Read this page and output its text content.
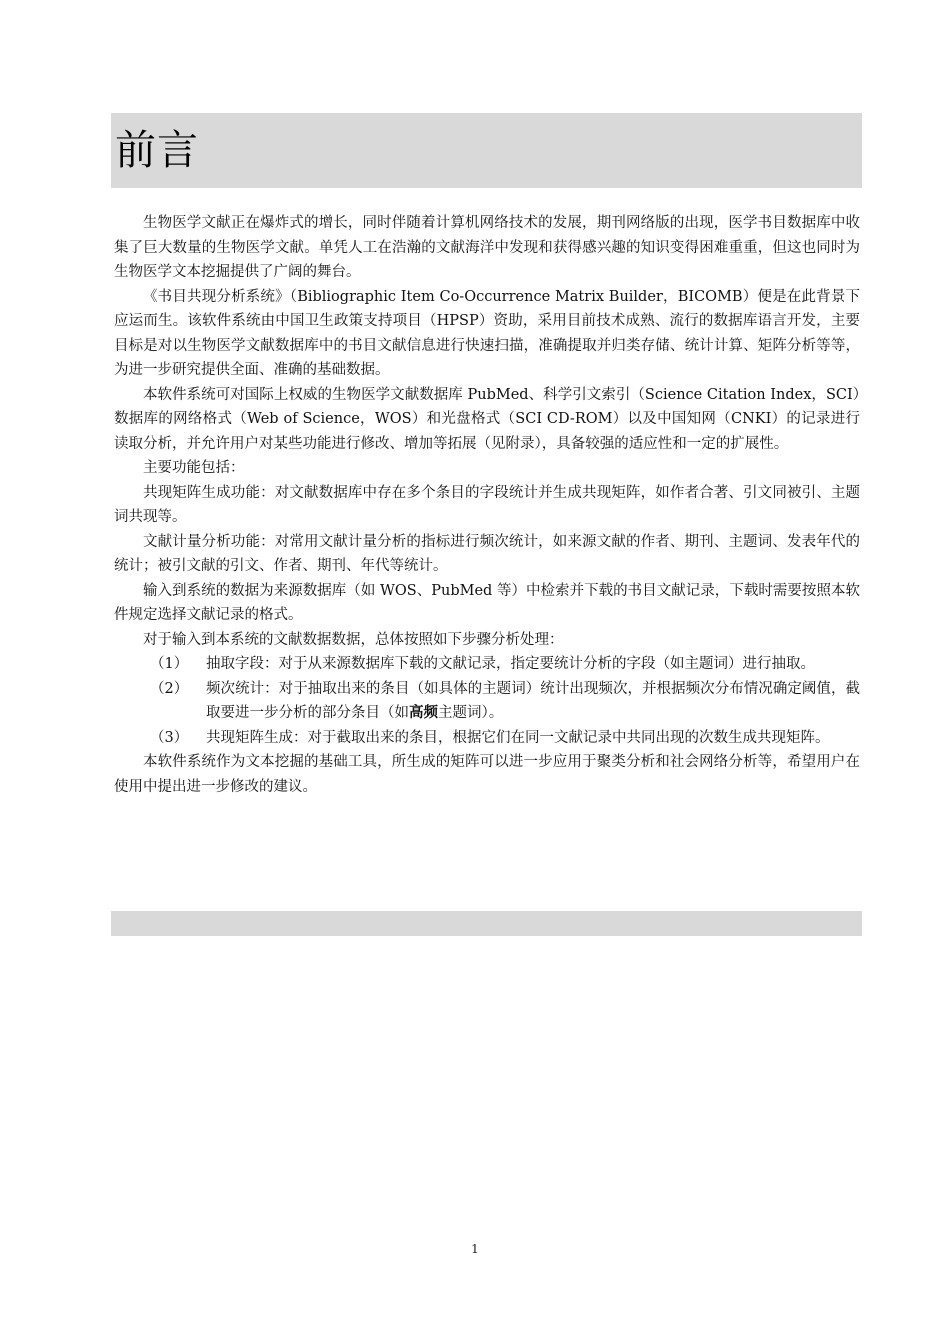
前言

生物医学文献正在爆炸式的增长，同时伴随着计算机网络技术的发展，期刊网络版的出现，医学书目数据库中收集了巨大数量的生物医学文献。单凭人工在浩瀚的文献海洋中发现和获得感兴趣的知识变得困难重重，但这也同时为生物医学文本挖掘提供了广阔的舞台。

《书目共现分析系统》（Bibliographic Item Co-Occurrence Matrix Builder，BICOMB）便是在此背景下应运而生。该软件系统由中国卫生政策支持项目（HPSP）资助，采用目前技术成熟、流行的数据库语言开发，主要目标是对以生物医学文献数据库中的书目文献信息进行快速扫描，准确提取并归类存储、统计计算、矩阵分析等等，为进一步研究提供全面、准确的基础数据。

本软件系统可对国际上权威的生物医学文献数据库 PubMed、科学引文索引（Science Citation Index，SCI）数据库的网络格式（Web of Science，WOS）和光盘格式（SCI CD-ROM）以及中国知网（CNKI）的记录进行读取分析，并允许用户对某些功能进行修改、增加等拓展（见附录），具备较强的适应性和一定的扩展性。

主要功能包括：

共现矩阵生成功能：对文献数据库中存在多个条目的字段统计并生成共现矩阵，如作者合著、引文同被引、主题词共现等。

文献计量分析功能：对常用文献计量分析的指标进行频次统计，如来源文献的作者、期刊、主题词、发表年代的统计；被引文献的引文、作者、期刊、年代等统计。

输入到系统的数据为来源数据库（如 WOS、PubMed 等）中检索并下载的书目文献记录，下载时需要按照本软件规定选择文献记录的格式。

对于输入到本系统的文献数据数据，总体按照如下步骤分析处理：

（1）	抽取字段：对于从来源数据库下载的文献记录，指定要统计分析的字段（如主题词）进行抽取。
（2）	频次统计：对于抽取出来的条目（如具体的主题词）统计出现频次，并根据频次分布情况确定阈值，截取要进一步分析的部分条目（如高频主题词）。
（3）	共现矩阵生成：对于截取出来的条目，根据它们在同一文献记录中共同出现的次数生成共现矩阵。

本软件系统作为文本挖掘的基础工具，所生成的矩阵可以进一步应用于聚类分析和社会网络分析等，希望用户在使用中提出进一步修改的建议。

1
